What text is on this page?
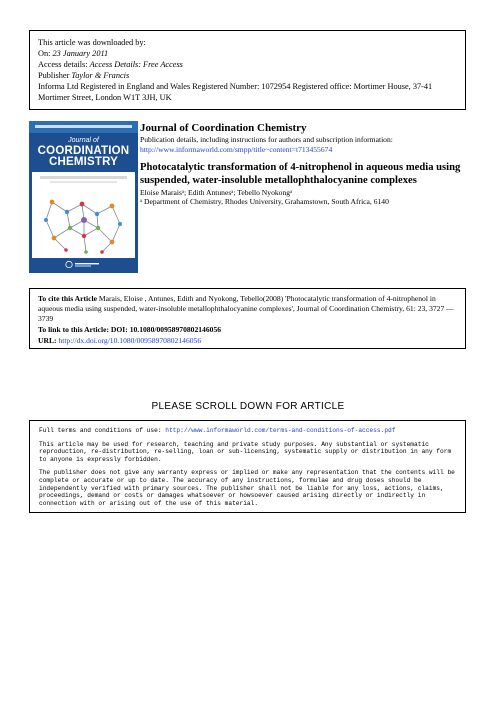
This article was downloaded by:
On: 23 January 2011
Access details: Access Details: Free Access
Publisher Taylor & Francis
Informa Ltd Registered in England and Wales Registered Number: 1072954 Registered office: Mortimer House, 37-41 Mortimer Street, London W1T 3JH, UK
Journal of
COORDINATION
CHEMISTRY
Journal of Coordination Chemistry
Publication details, including instructions for authors and subscription information:
http://www.informaworld.com/smpp/title~content=t713455674
Photocatalytic transformation of 4-nitrophenol in aqueous media using suspended, water-insoluble metallophthalocyanine complexes
Eloise Maraisᵃ; Edith Antunesᵃ; Tebello Nyokongᵃ
ᵃ Department of Chemistry, Rhodes University, Grahamstown, South Africa, 6140
To cite this Article Marais, Eloise , Antunes, Edith and Nyokong, Tebello(2008) 'Photocatalytic transformation of 4-nitrophenol in aqueous media using suspended, water-insoluble metallophthalocyanine complexes', Journal of Coordination Chemistry, 61: 23, 3727 — 3739
To link to this Article: DOI: 10.1080/00958970802146056
URL: http://dx.doi.org/10.1080/00958970802146056
PLEASE SCROLL DOWN FOR ARTICLE

Full terms and conditions of use: http://www.informaworld.com/terms-and-conditions-of-access.pdf

This article may be used for research, teaching and private study purposes. Any substantial or systematic reproduction, re-distribution, re-selling, loan or sub-licensing, systematic supply or distribution in any form to anyone is expressly forbidden.

The publisher does not give any warranty express or implied or make any representation that the contents will be complete or accurate or up to date. The accuracy of any instructions, formulae and drug doses should be independently verified with primary sources. The publisher shall not be liable for any loss, actions, claims, proceedings, demand or costs or damages whatsoever or howsoever caused arising directly or indirectly in connection with or arising out of the use of this material.
